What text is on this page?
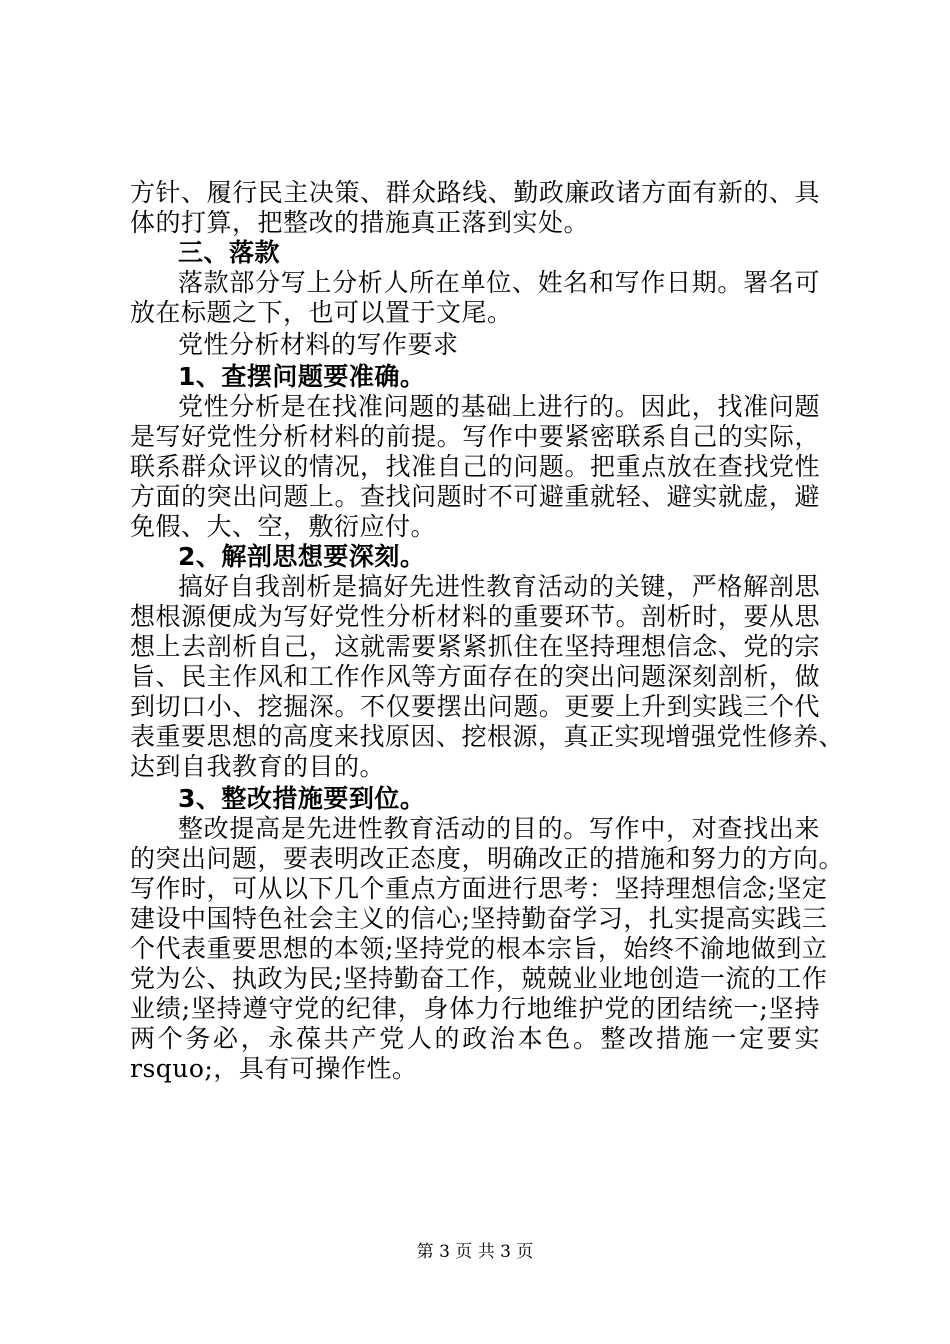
方针、履行民主决策、群众路线、勤政廉政诸方面有新的、具
体的打算，把整改的措施真正落到实处。
三、落款
落款部分写上分析人所在单位、姓名和写作日期。署名可
放在标题之下，也可以置于文尾。
党性分析材料的写作要求
1、查摆问题要准确。
党性分析是在找准问题的基础上进行的。因此，找准问题
是写好党性分析材料的前提。写作中要紧密联系自己的实际，
联系群众评议的情况，找准自己的问题。把重点放在查找党性
方面的突出问题上。查找问题时不可避重就轻、避实就虚，避
免假、大、空，敷衍应付。
2、解剖思想要深刻。
搞好自我剖析是搞好先进性教育活动的关键，严格解剖思
想根源便成为写好党性分析材料的重要环节。剖析时，要从思
想上去剖析自己，这就需要紧紧抓住在坚持理想信念、党的宗
旨、民主作风和工作作风等方面存在的突出问题深刻剖析，做
到切口小、挖掘深。不仅要摆出问题。更要上升到实践三个代
表重要思想的高度来找原因、挖根源，真正实现增强党性修养、
达到自我教育的目的。
3、整改措施要到位。
整改提高是先进性教育活动的目的。写作中，对查找出来
的突出问题，要表明改正态度，明确改正的措施和努力的方向。
写作时，可从以下几个重点方面进行思考：坚持理想信念;坚定
建设中国特色社会主义的信心;坚持勤奋学习，扎实提高实践三
个代表重要思想的本领;坚持党的根本宗旨，始终不渝地做到立
党为公、执政为民;坚持勤奋工作，兢兢业业地创造一流的工作
业绩;坚持遵守党的纪律，身体力行地维护党的团结统一;坚持
两个务必，永葆共产党人的政治本色。整改措施一定要实
rsquo;，具有可操作性。
第 3 页 共 3 页
